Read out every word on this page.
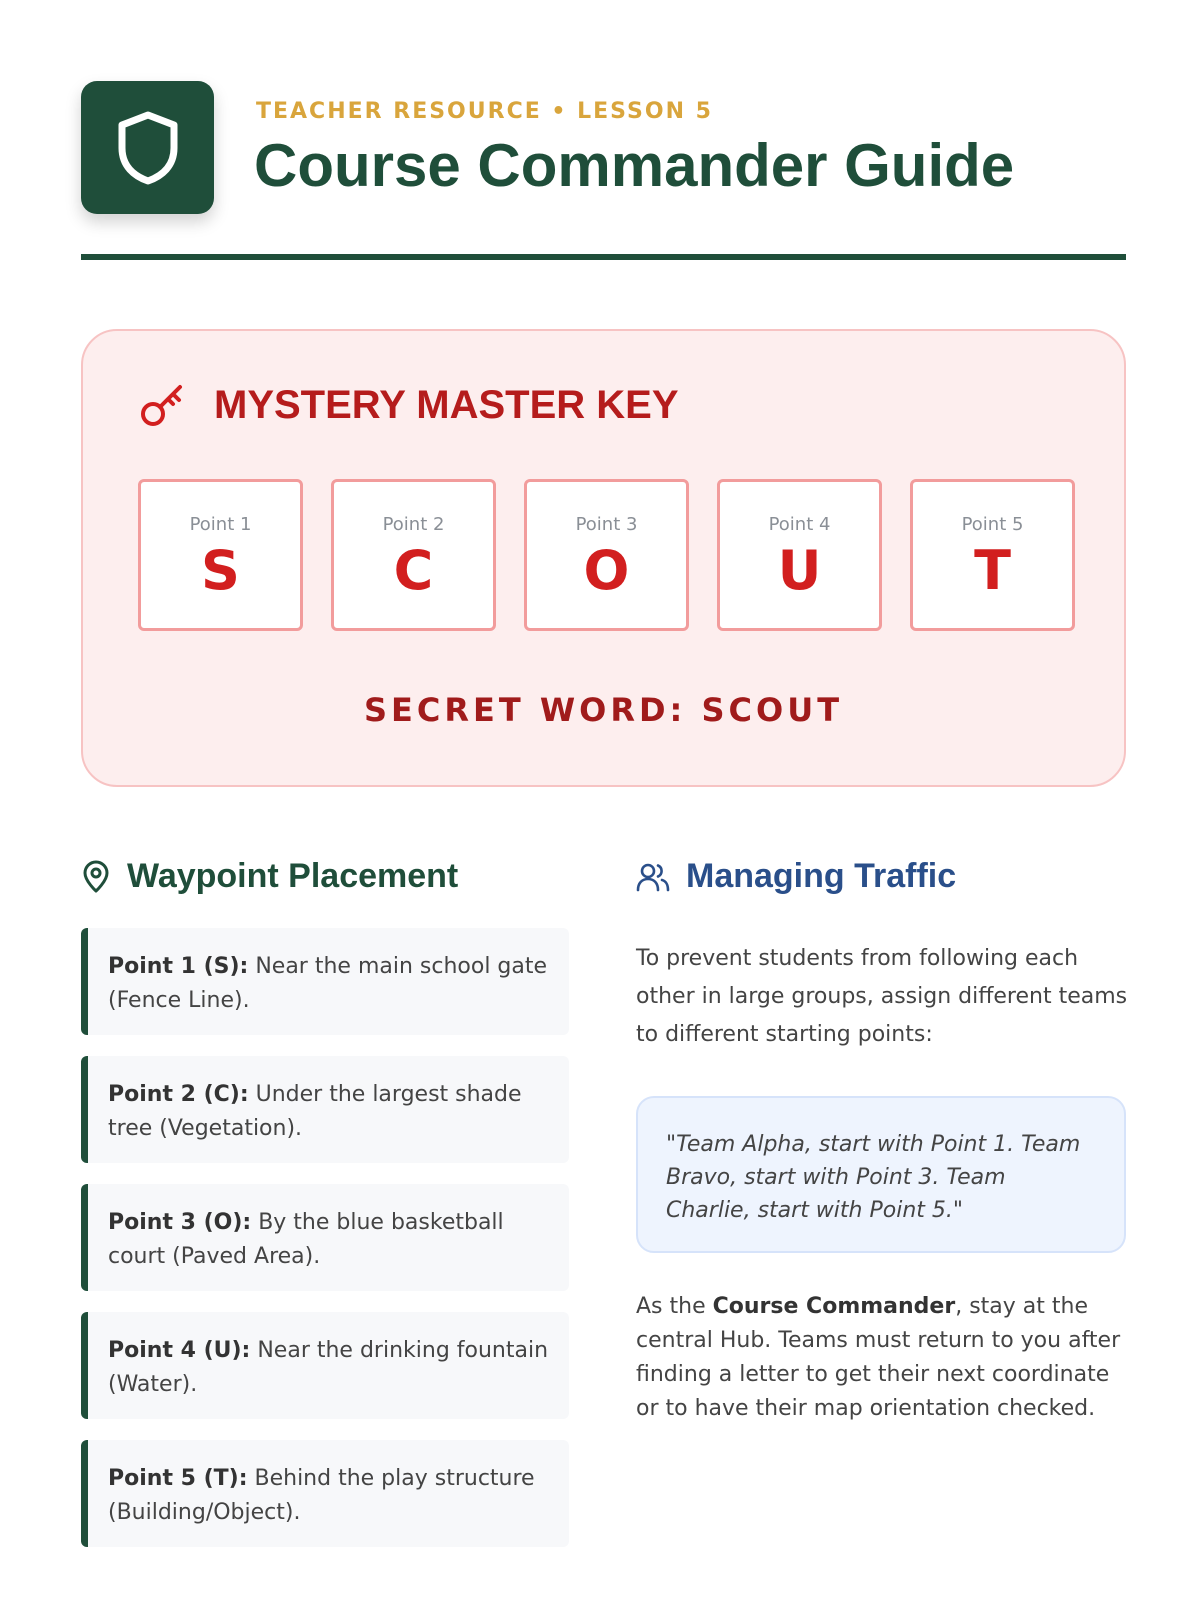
TEACHER RESOURCE • LESSON 5
Course Commander Guide
MYSTERY MASTER KEY
Point 1
S
Point 2
C
Point 3
O
Point 4
U
Point 5
T
SECRET WORD: SCOUT
Waypoint Placement
Point 1 (S): Near the main school gate (Fence Line).
Point 2 (C): Under the largest shade tree (Vegetation).
Point 3 (O): By the blue basketball court (Paved Area).
Point 4 (U): Near the drinking fountain (Water).
Point 5 (T): Behind the play structure (Building/Object).
Managing Traffic
To prevent students from following each other in large groups, assign different teams to different starting points:
"Team Alpha, start with Point 1. Team Bravo, start with Point 3. Team Charlie, start with Point 5."
As the Course Commander, stay at the central Hub. Teams must return to you after finding a letter to get their next coordinate or to have their map orientation checked.
